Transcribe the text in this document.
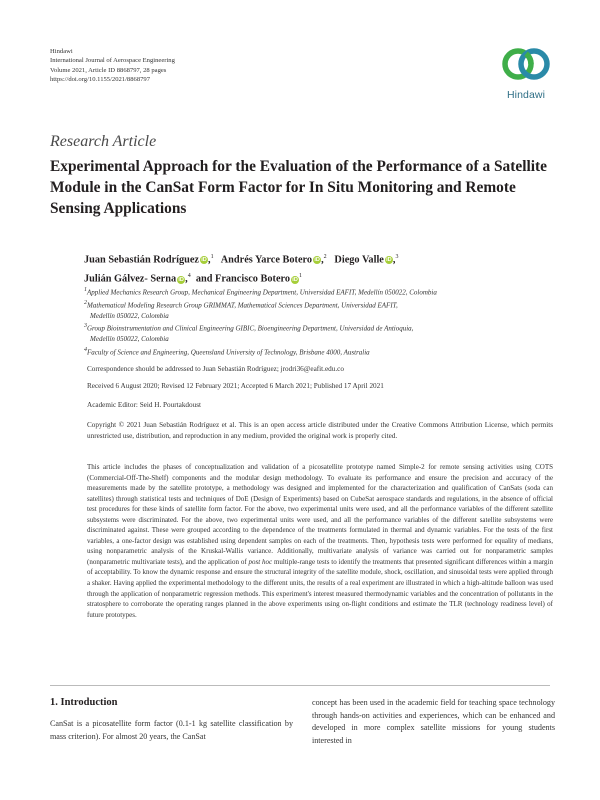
Hindawi
International Journal of Aerospace Engineering
Volume 2021, Article ID 8868797, 28 pages
https://doi.org/10.1155/2021/8868797
Hindawi
Research Article
Experimental Approach for the Evaluation of the Performance of a Satellite Module in the CanSat Form Factor for In Situ Monitoring and Remote Sensing Applications
Juan Sebastián Rodríguez iD,$^1$ Andrés Yarce Botero iD,$^2$ Diego Valle iD,$^3$
Julián Gálvez- Serna iD,$^4$ and Francisco Botero $iD^1$
$^1$Applied Mechanics Research Group, Mechanical Engineering Department, Universidad EAFIT, Medellín 050022, Colombia
$^2$Mathematical Modeling Research Group GRIMMAT, Mathematical Sciences Department, Universidad EAFIT,
Medellín 050022, Colombia
$^3$Group Bioinstrumentation and Clinical Engineering GIBIC, Bioengineering Department, Universidad de Antioquia,
Medellín 050022, Colombia
$^4$Faculty of Science and Engineering, Queensland University of Technology, Brisbane 4000, Australia
Correspondence should be addressed to Juan Sebastián Rodríguez; jrodri36@eafit.edu.co
Received 6 August 2020; Revised 12 February 2021; Accepted 6 March 2021; Published 17 April 2021
Academic Editor: Seid H. Pourtakdoust

Copyright © 2021 Juan Sebastián Rodríguez et al. This is an open access article distributed under the Creative Commons Attribution License, which permits unrestricted use, distribution, and reproduction in any medium, provided the original work is properly cited.

This article includes the phases of conceptualization and validation of a picosatellite prototype named Simple-2 for remote sensing activities using COTS (Commercial-Off-The-Shelf) components and the modular design methodology. To evaluate its performance and ensure the precision and accuracy of the measurements made by the satellite prototype, a methodology was designed and implemented for the characterization and qualification of CanSats (soda can satellites) through statistical tests and techniques of DoE (Design of Experiments) based on CubeSat aerospace standards and regulations, in the absence of official test procedures for these kinds of satellite form factor. For the above, two experimental units were used, and all the performance variables of the different satellite subsystems were discriminated. For the above, two experimental units were used, and all the performance variables of the different satellite subsystems were discriminated against. These were grouped according to the dependence of the treatments formulated in thermal and dynamic variables. For the tests of the first variables, a one-factor design was established using dependent samples on each of the treatments. Then, hypothesis tests were performed for equality of medians, using nonparametric analysis of the Kruskal-Wallis variance. Additionally, multivariate analysis of variance was carried out for nonparametric samples (nonparametric multivariate tests), and the application of post hoc multiple-range tests to identify the treatments that presented significant differences within a margin of acceptability. To know the dynamic response and ensure the structural integrity of the satellite module, shock, oscillation, and sinusoidal tests were applied through a shaker. Having applied the experimental methodology to the different units, the results of a real experiment are illustrated in which a high-altitude balloon was used through the application of nonparametric regression methods. This experiment's interest measured thermodynamic variables and the concentration of pollutants in the stratosphere to corroborate the operating ranges planned in the above experiments using on-flight conditions and estimate the TLR (technology readiness level) of future prototypes.

1. Introduction

CanSat is a picosatellite form factor (0.1-1 kg satellite classification by mass criterion). For almost 20 years, the CanSat

concept has been used in the academic field for teaching space technology through hands-on activities and experiences, which can be enhanced and developed in more complex satellite missions for young students interested in
